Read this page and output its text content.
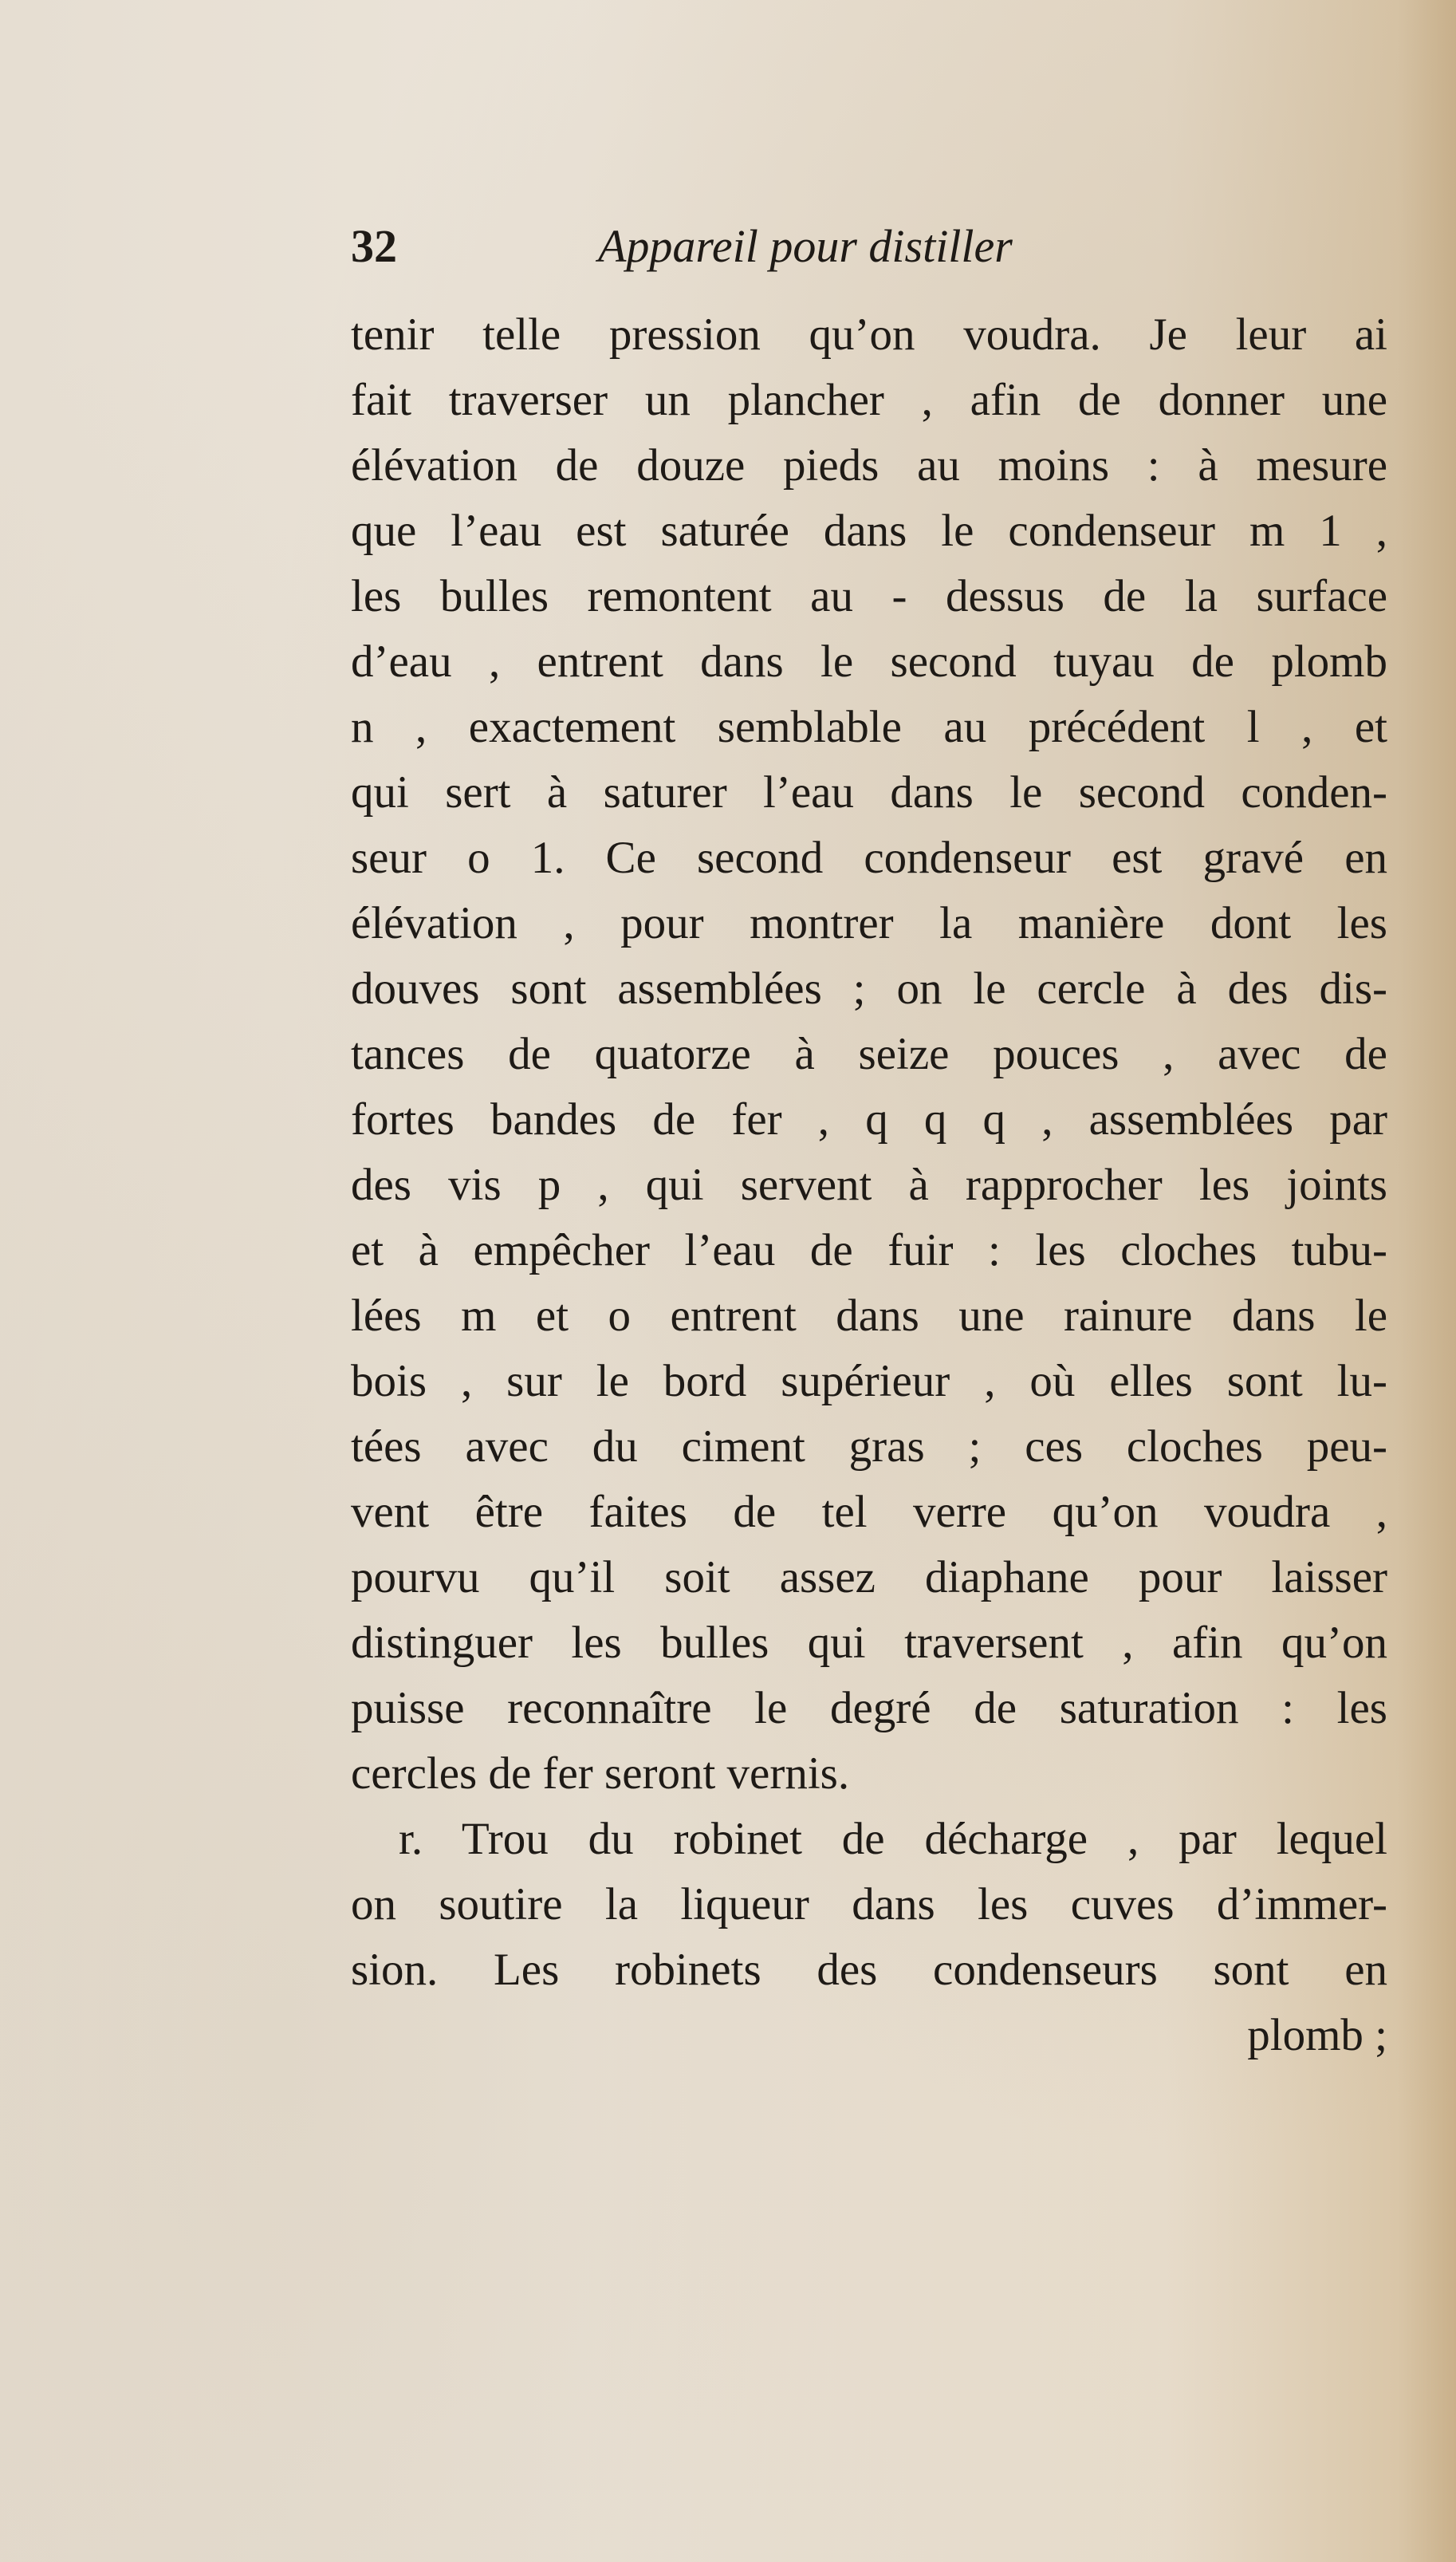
32	Appareil pour distiller
tenir telle pression qu’on voudra. Je leur ai
fait traverser un plancher , afin de donner une
élévation de douze pieds au moins : à mesure
que l’eau est saturée dans le condenseur m 1 ,
les bulles remontent au - dessus de la surface
d’eau , entrent dans le second tuyau de plomb
n , exactement semblable au précédent l , et
qui sert à saturer l’eau dans le second conden-
seur o 1. Ce second condenseur est gravé en
élévation , pour montrer la manière dont les
douves sont assemblées ; on le cercle à des dis-
tances de quatorze à seize pouces , avec de
fortes bandes de fer , q q q , assemblées par
des vis p , qui servent à rapprocher les joints
et à empêcher l’eau de fuir : les cloches tubu-
lées m et o entrent dans une rainure dans le
bois , sur le bord supérieur , où elles sont lu-
tées avec du ciment gras ; ces cloches peu-
vent être faites de tel verre qu’on voudra ,
pourvu qu’il soit assez diaphane pour laisser
distinguer les bulles qui traversent , afin qu’on
puisse reconnaître le degré de saturation : les
cercles de fer seront vernis.
r. Trou du robinet de décharge , par lequel
on soutire la liqueur dans les cuves d’immer-
sion. Les robinets des condenseurs sont en
plomb ;
